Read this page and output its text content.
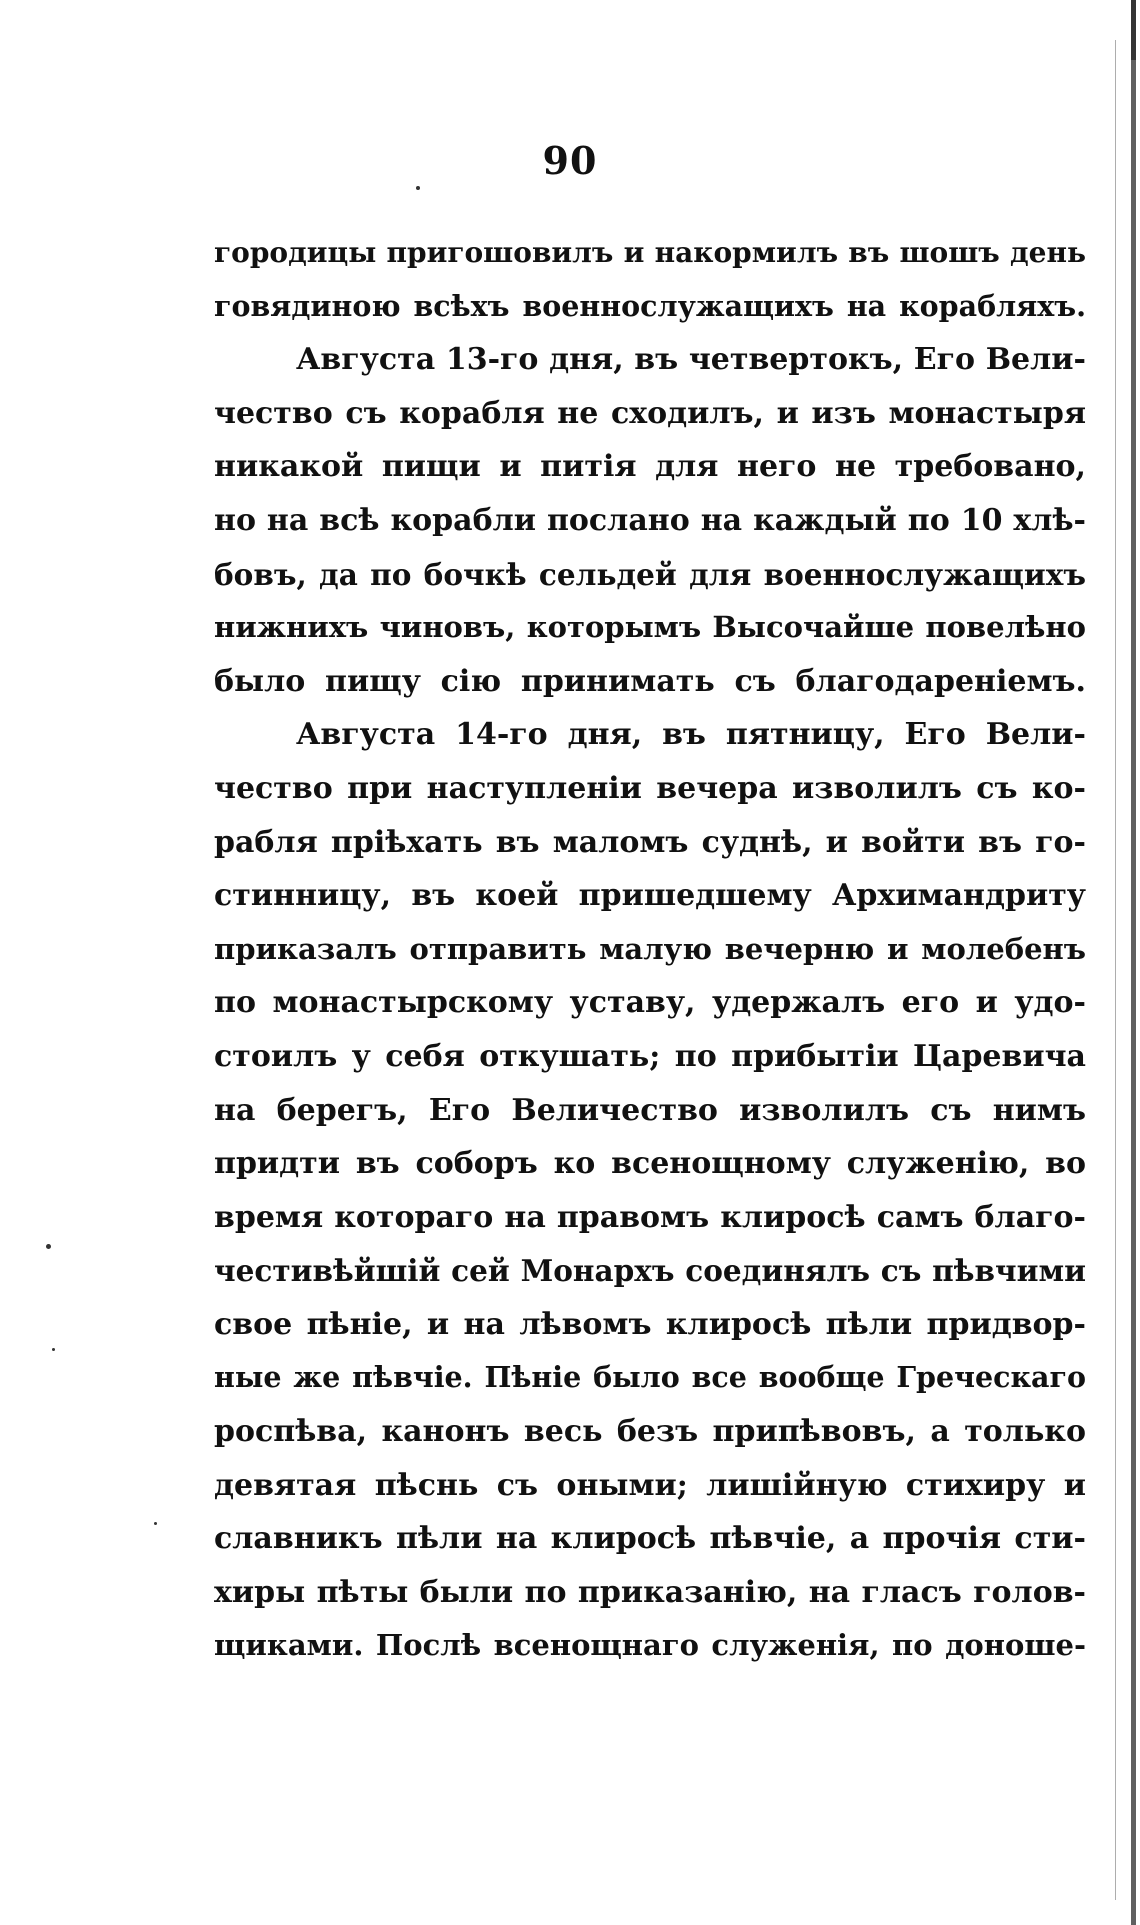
90
городицы пригошовилъ и накормилъ въ шошъ день
говядиною всѣхъ военнослужащихъ на корабляхъ.
Августа 13-го дня, въ четвертокъ, Его Вели-
чество съ корабля не сходилъ, и изъ монастыря
никакой пищи и питія для него не требовано,
но на всѣ корабли послано на каждый по 10 хлѣ-
бовъ, да по бочкѣ сельдей для военнослужащихъ
нижнихъ чиновъ, которымъ Высочайше повелѣно
было пищу сію принимать съ благодареніемъ.
Августа 14-го дня, въ пятницу, Его Вели-
чество при наступленіи вечера изволилъ съ ко-
рабля пріѣхать въ маломъ суднѣ, и войти въ го-
стинницу, въ коей пришедшему Архимандриту
приказалъ отправить малую вечерню и молебенъ
по монастырскому уставу, удержалъ его и удо-
стоилъ у себя откушать; по прибытіи Царевича
на берегъ, Его Величество изволилъ съ нимъ
придти въ соборъ ко всенощному служенію, во
время котораго на правомъ клиросѣ самъ благо-
честивѣйшій сей Монархъ соединялъ съ пѣвчими
свое пѣніе, и на лѣвомъ клиросѣ пѣли придвор-
ные же пѣвчіе. Пѣніе было все вообще Греческаго
роспѣва, канонъ весь безъ припѣвовъ, а только
девятая пѣснь съ оными; лишійную стихиру и
славникъ пѣли на клиросѣ пѣвчіе, а прочія сти-
хиры пѣты были по приказанію, на гласъ голов-
щиками. Послѣ всенощнаго служенія, по доноше-
